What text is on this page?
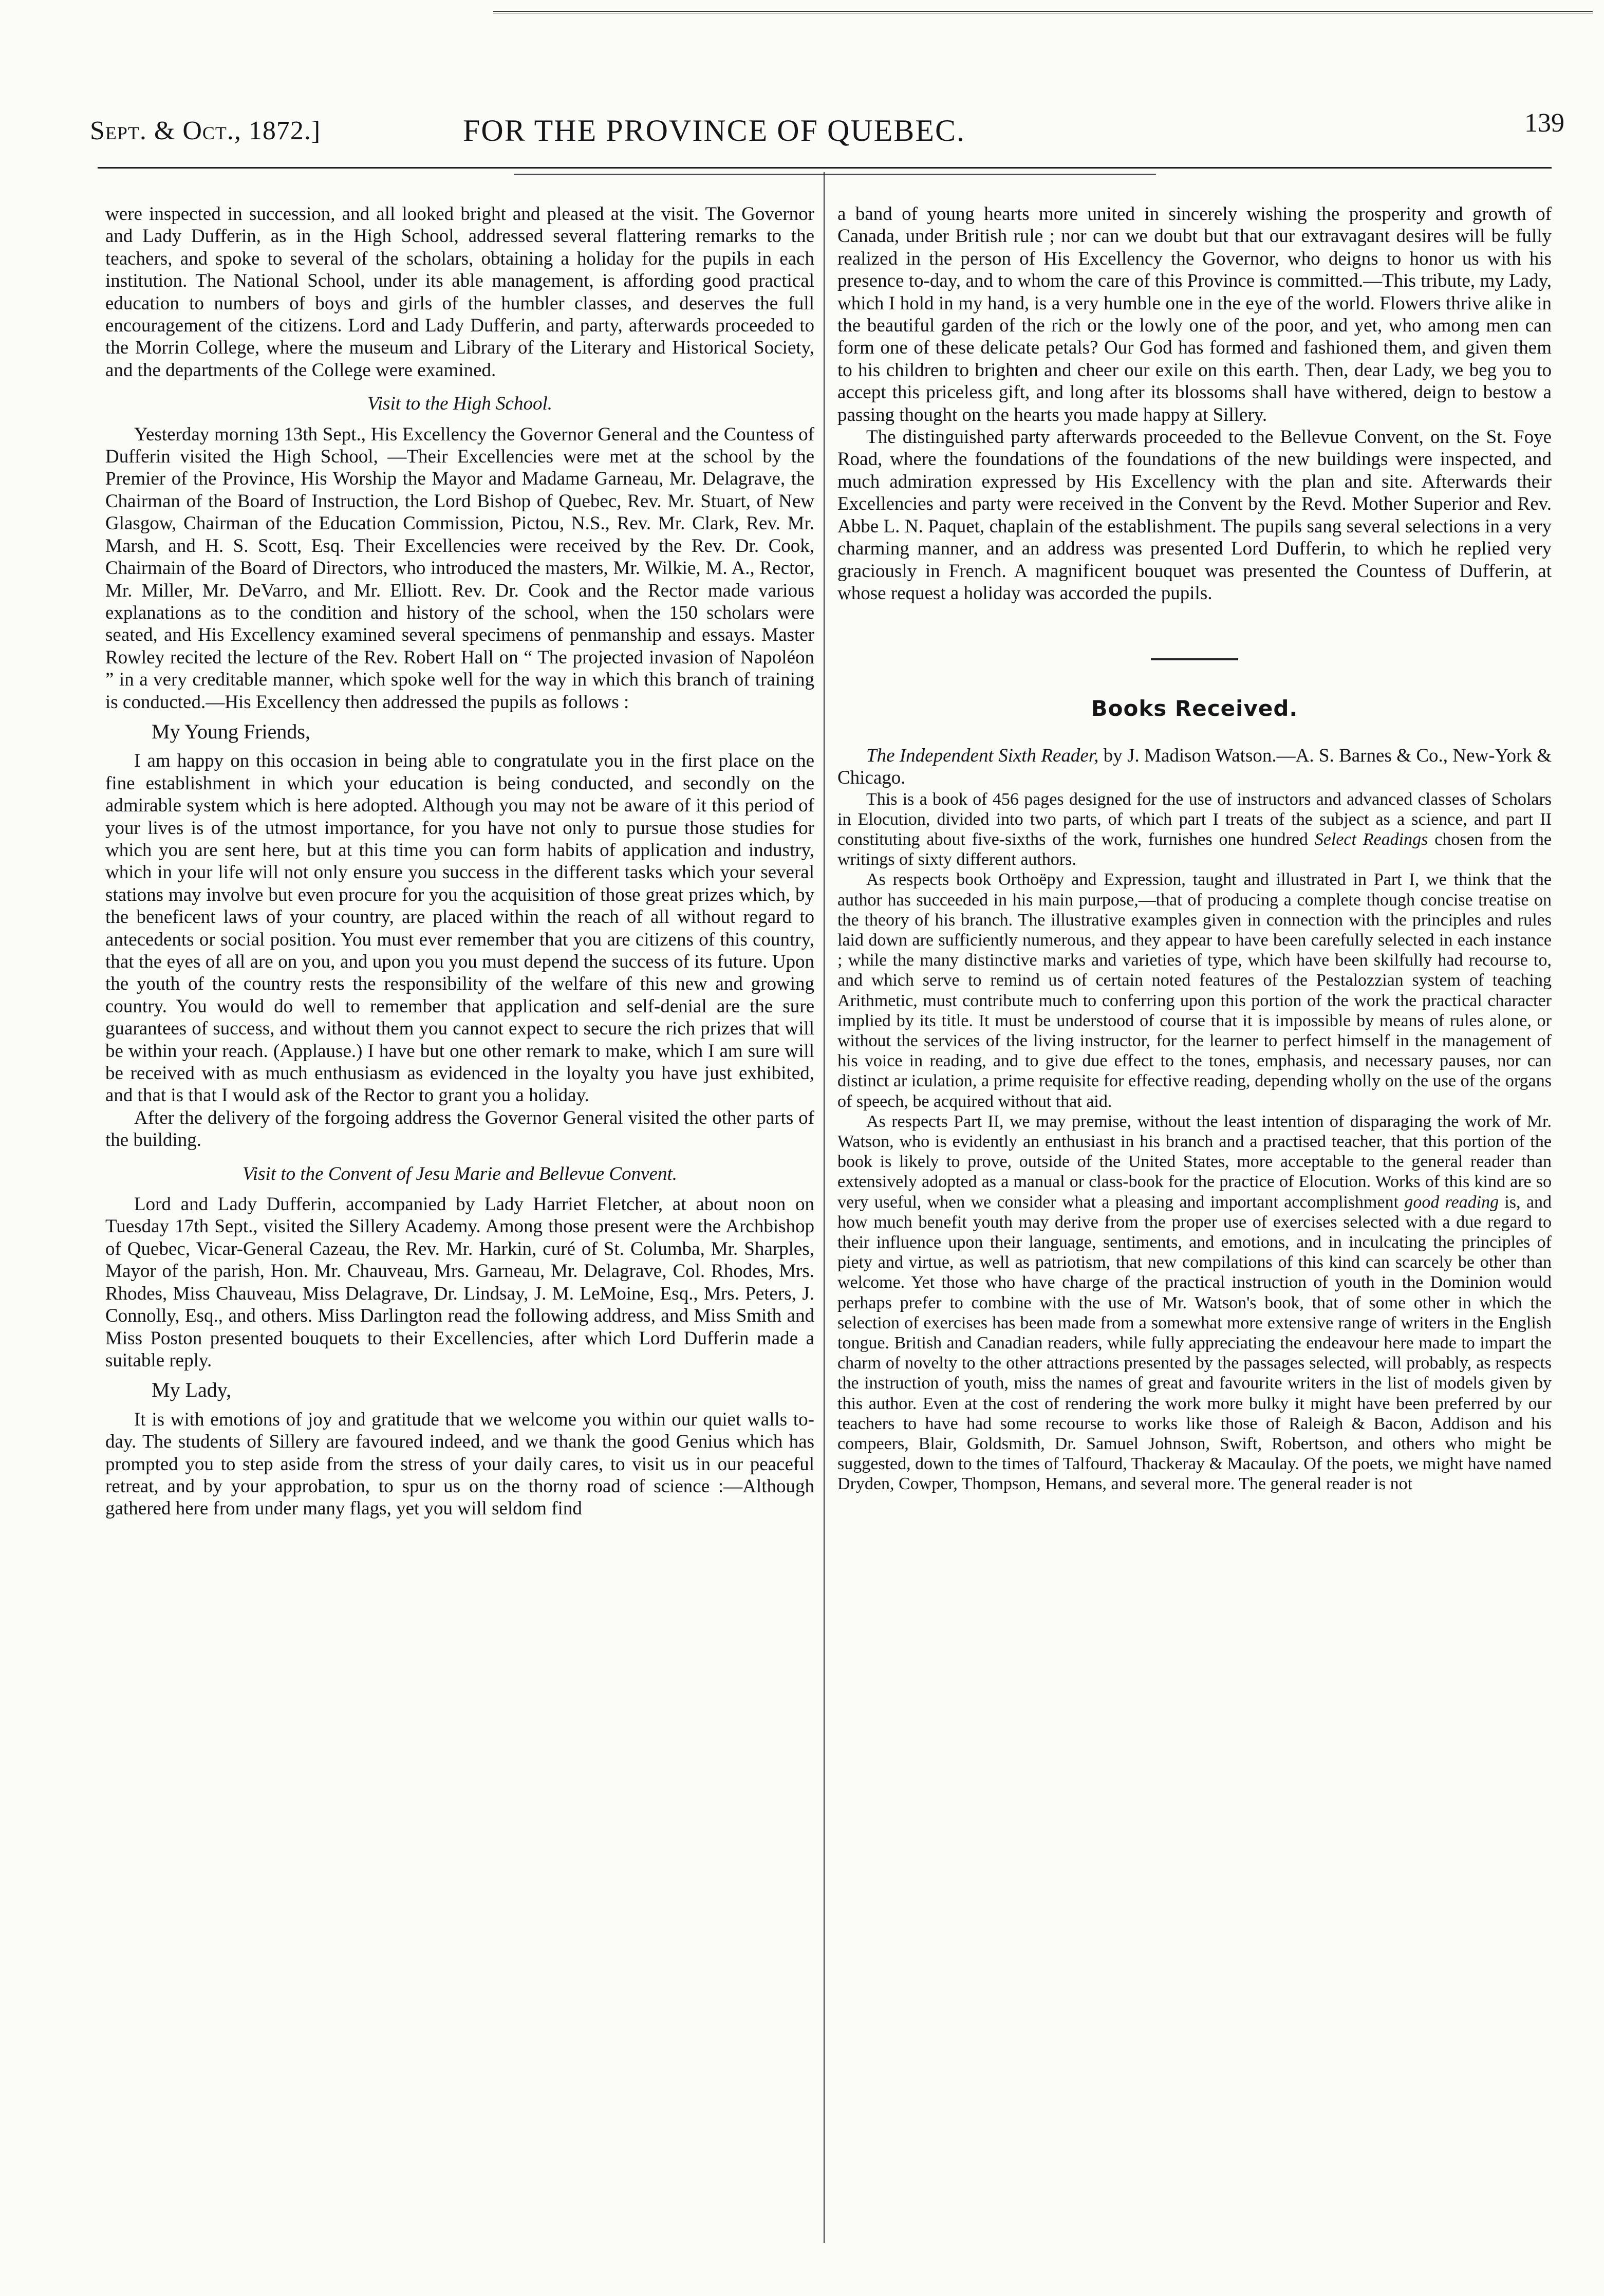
Sept. & Oct., 1872.]	FOR THE PROVINCE OF QUEBEC.	139

were inspected in succession, and all looked bright and pleased at the visit. The Governor and Lady Dufferin, as in the High School, addressed several flattering remarks to the teachers, and spoke to several of the scholars, obtaining a holiday for the pupils in each institution. The National School, under its able management, is affording good practical education to numbers of boys and girls of the humbler classes, and deserves the full encouragement of the citizens. Lord and Lady Dufferin, and party, afterwards proceeded to the Morrin College, where the museum and Library of the Literary and Historical Society, and the departments of the College were examined.

Visit to the High School.

Yesterday morning 13th Sept., His Excellency the Governor General and the Countess of Dufferin visited the High School, —Their Excellencies were met at the school by the Premier of the Province, His Worship the Mayor and Madame Garneau, Mr. Delagrave, the Chairman of the Board of Instruction, the Lord Bishop of Quebec, Rev. Mr. Stuart, of New Glasgow, Chairman of the Education Commission, Pictou, N.S., Rev. Mr. Clark, Rev. Mr. Marsh, and H. S. Scott, Esq. Their Excellencies were received by the Rev. Dr. Cook, Chairmain of the Board of Directors, who introduced the masters, Mr. Wilkie, M. A., Rector, Mr. Miller, Mr. DeVarro, and Mr. Elliott. Rev. Dr. Cook and the Rector made various explanations as to the condition and history of the school, when the 150 scholars were seated, and His Excellency examined several specimens of penmanship and essays. Master Rowley recited the lecture of the Rev. Robert Hall on “ The projected invasion of Napoléon ” in a very creditable manner, which spoke well for the way in which this branch of training is conducted.—His Excellency then addressed the pupils as follows :

My Young Friends,

I am happy on this occasion in being able to congratulate you in the first place on the fine establishment in which your education is being conducted, and secondly on the admirable system which is here adopted. Although you may not be aware of it this period of your lives is of the utmost importance, for you have not only to pursue those studies for which you are sent here, but at this time you can form habits of application and industry, which in your life will not only ensure you success in the different tasks which your several stations may involve but even procure for you the acquisition of those great prizes which, by the beneficent laws of your country, are placed within the reach of all without regard to antecedents or social position. You must ever remember that you are citizens of this country, that the eyes of all are on you, and upon you you must depend the success of its future. Upon the youth of the country rests the responsibility of the welfare of this new and growing country. You would do well to remember that application and self-denial are the sure guarantees of success, and without them you cannot expect to secure the rich prizes that will be within your reach. (Applause.) I have but one other remark to make, which I am sure will be received with as much enthusiasm as evidenced in the loyalty you have just exhibited, and that is that I would ask of the Rector to grant you a holiday.

After the delivery of the forgoing address the Governor General visited the other parts of the building.

Visit to the Convent of Jesu Marie and Bellevue Convent.

Lord and Lady Dufferin, accompanied by Lady Harriet Fletcher, at about noon on Tuesday 17th Sept., visited the Sillery Academy. Among those present were the Archbishop of Quebec, Vicar-General Cazeau, the Rev. Mr. Harkin, curé of St. Columba, Mr. Sharples, Mayor of the parish, Hon. Mr. Chauveau, Mrs. Garneau, Mr. Delagrave, Col. Rhodes, Mrs. Rhodes, Miss Chauveau, Miss Delagrave, Dr. Lindsay, J. M. LeMoine, Esq., Mrs. Peters, J. Connolly, Esq., and others. Miss Darlington read the following address, and Miss Smith and Miss Poston presented bouquets to their Excellencies, after which Lord Dufferin made a suitable reply.

My Lady,

It is with emotions of joy and gratitude that we welcome you within our quiet walls to-day. The students of Sillery are favoured indeed, and we thank the good Genius which has prompted you to step aside from the stress of your daily cares, to visit us in our peaceful retreat, and by your approbation, to spur us on the thorny road of science :—Although gathered here from under many flags, yet you will seldom find

a band of young hearts more united in sincerely wishing the prosperity and growth of Canada, under British rule ; nor can we doubt but that our extravagant desires will be fully realized in the person of His Excellency the Governor, who deigns to honor us with his presence to-day, and to whom the care of this Province is committed.—This tribute, my Lady, which I hold in my hand, is a very humble one in the eye of the world. Flowers thrive alike in the beautiful garden of the rich or the lowly one of the poor, and yet, who among men can form one of these delicate petals? Our God has formed and fashioned them, and given them to his children to brighten and cheer our exile on this earth. Then, dear Lady, we beg you to accept this priceless gift, and long after its blossoms shall have withered, deign to bestow a passing thought on the hearts you made happy at Sillery.

The distinguished party afterwards proceeded to the Bellevue Convent, on the St. Foye Road, where the foundations of the foundations of the new buildings were inspected, and much admiration expressed by His Excellency with the plan and site. Afterwards their Excellencies and party were received in the Convent by the Revd. Mother Superior and Rev. Abbe L. N. Paquet, chaplain of the establishment. The pupils sang several selections in a very charming manner, and an address was presented Lord Dufferin, to which he replied very graciously in French. A magnificent bouquet was presented the Countess of Dufferin, at whose request a holiday was accorded the pupils.

Books Received.

The Independent Sixth Reader, by J. Madison Watson.—A. S. Barnes & Co., New-York & Chicago.

This is a book of 456 pages designed for the use of instructors and advanced classes of Scholars in Elocution, divided into two parts, of which part I treats of the subject as a science, and part II constituting about five-sixths of the work, furnishes one hundred Select Readings chosen from the writings of sixty different authors.

As respects book Orthoëpy and Expression, taught and illustrated in Part I, we think that the author has succeeded in his main purpose,—that of producing a complete though concise treatise on the theory of his branch. The illustrative examples given in connection with the principles and rules laid down are sufficiently numerous, and they appear to have been carefully selected in each instance ; while the many distinctive marks and varieties of type, which have been skilfully had recourse to, and which serve to remind us of certain noted features of the Pestalozzian system of teaching Arithmetic, must contribute much to conferring upon this portion of the work the practical character implied by its title. It must be understood of course that it is impossible by means of rules alone, or without the services of the living instructor, for the learner to perfect himself in the management of his voice in reading, and to give due effect to the tones, emphasis, and necessary pauses, nor can distinct ar iculation, a prime requisite for effective reading, depending wholly on the use of the organs of speech, be acquired without that aid.

As respects Part II, we may premise, without the least intention of disparaging the work of Mr. Watson, who is evidently an enthusiast in his branch and a practised teacher, that this portion of the book is likely to prove, outside of the United States, more acceptable to the general reader than extensively adopted as a manual or class-book for the practice of Elocution. Works of this kind are so very useful, when we consider what a pleasing and important accomplishment good reading is, and how much benefit youth may derive from the proper use of exercises selected with a due regard to their influence upon their language, sentiments, and emotions, and in inculcating the principles of piety and virtue, as well as patriotism, that new compilations of this kind can scarcely be other than welcome. Yet those who have charge of the practical instruction of youth in the Dominion would perhaps prefer to combine with the use of Mr. Watson's book, that of some other in which the selection of exercises has been made from a somewhat more extensive range of writers in the English tongue. British and Canadian readers, while fully appreciating the endeavour here made to impart the charm of novelty to the other attractions presented by the passages selected, will probably, as respects the instruction of youth, miss the names of great and favourite writers in the list of models given by this author. Even at the cost of rendering the work more bulky it might have been preferred by our teachers to have had some recourse to works like those of Raleigh & Bacon, Addison and his compeers, Blair, Goldsmith, Dr. Samuel Johnson, Swift, Robertson, and others who might be suggested, down to the times of Talfourd, Thackeray & Macaulay. Of the poets, we might have named Dryden, Cowper, Thompson, Hemans, and several more. The general reader is not
